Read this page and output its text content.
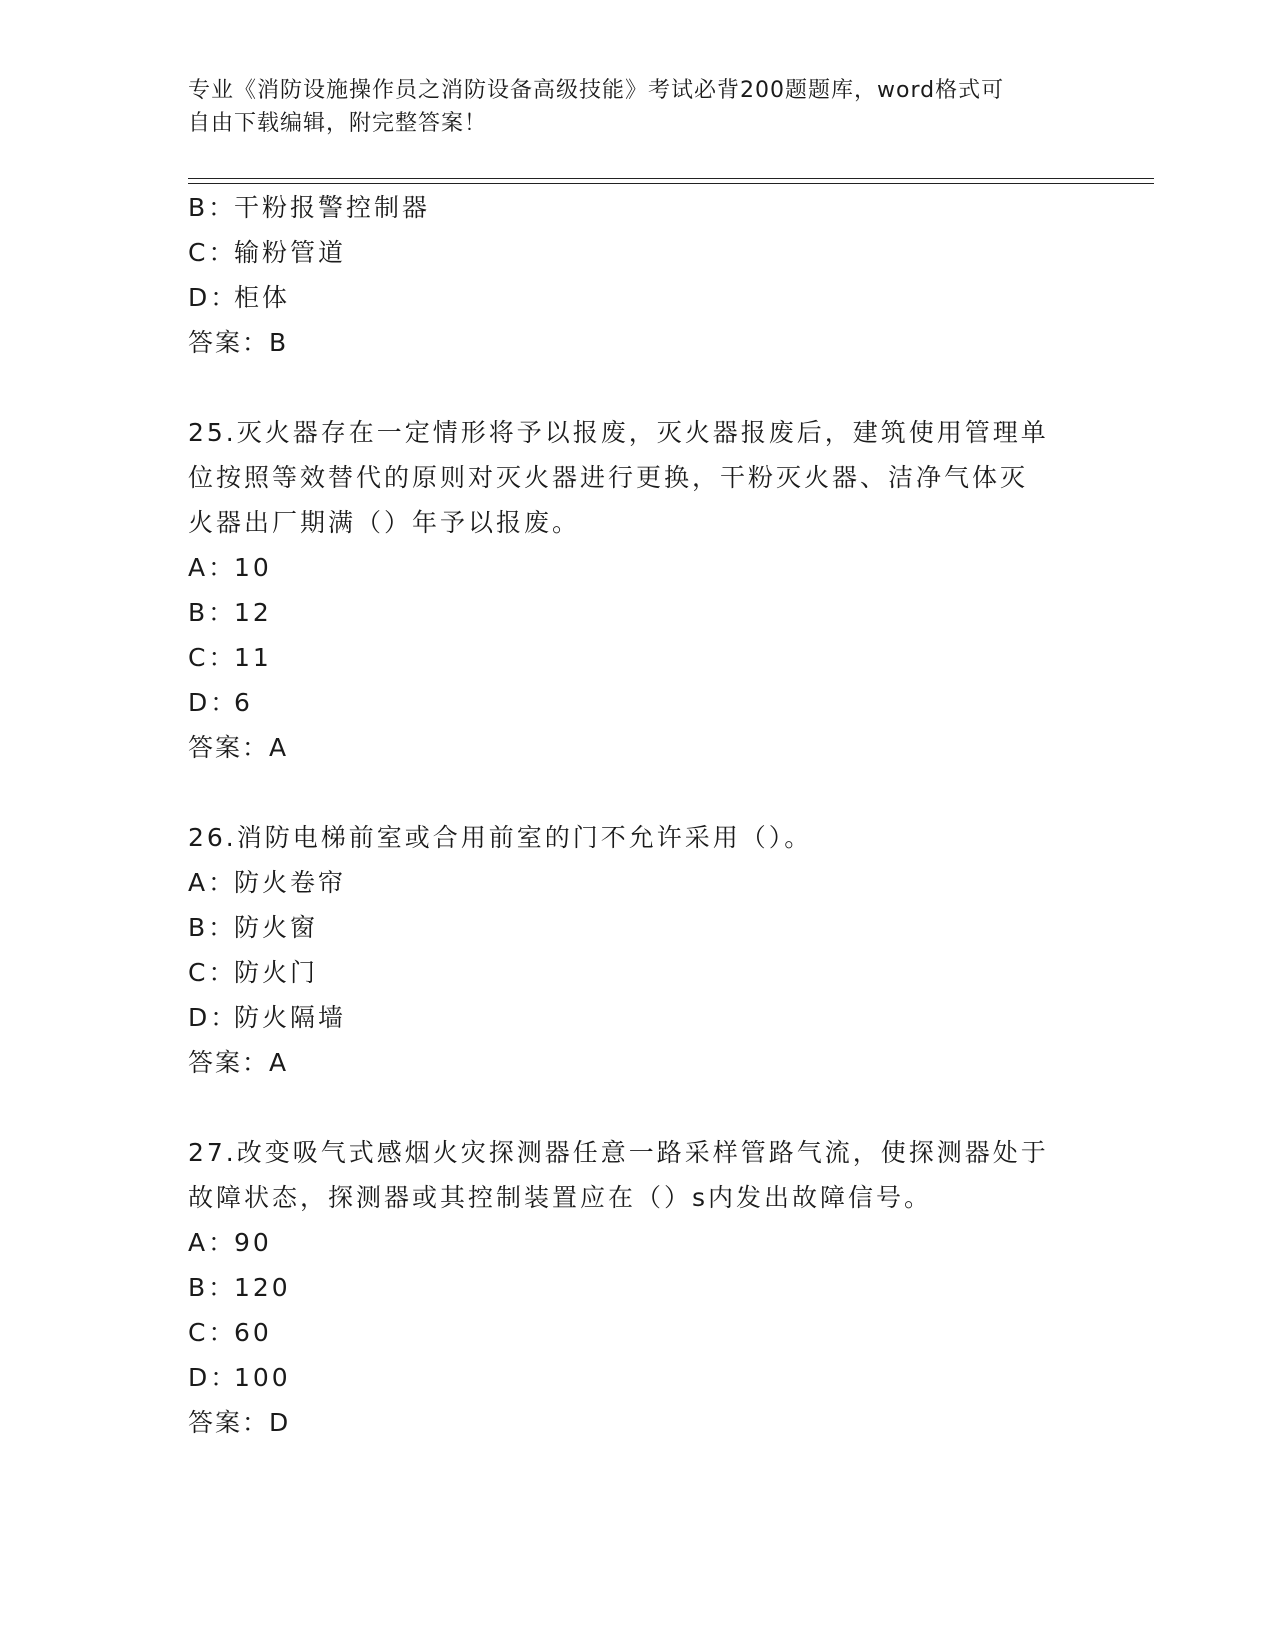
专业《消防设施操作员之消防设备高级技能》考试必背200题题库，word格式可
自由下载编辑，附完整答案！
B：干粉报警控制器
C：输粉管道
D：柜体
答案：B
25.灭火器存在一定情形将予以报废，灭火器报废后，建筑使用管理单
位按照等效替代的原则对灭火器进行更换，干粉灭火器、洁净气体灭
火器出厂期满（）年予以报废。
A：10
B：12
C：11
D：6
答案：A
26.消防电梯前室或合用前室的门不允许采用（）。
A：防火卷帘
B：防火窗
C：防火门
D：防火隔墙
答案：A
27.改变吸气式感烟火灾探测器任意一路采样管路气流，使探测器处于
故障状态，探测器或其控制装置应在（）s内发出故障信号。
A：90
B：120
C：60
D：100
答案：D
